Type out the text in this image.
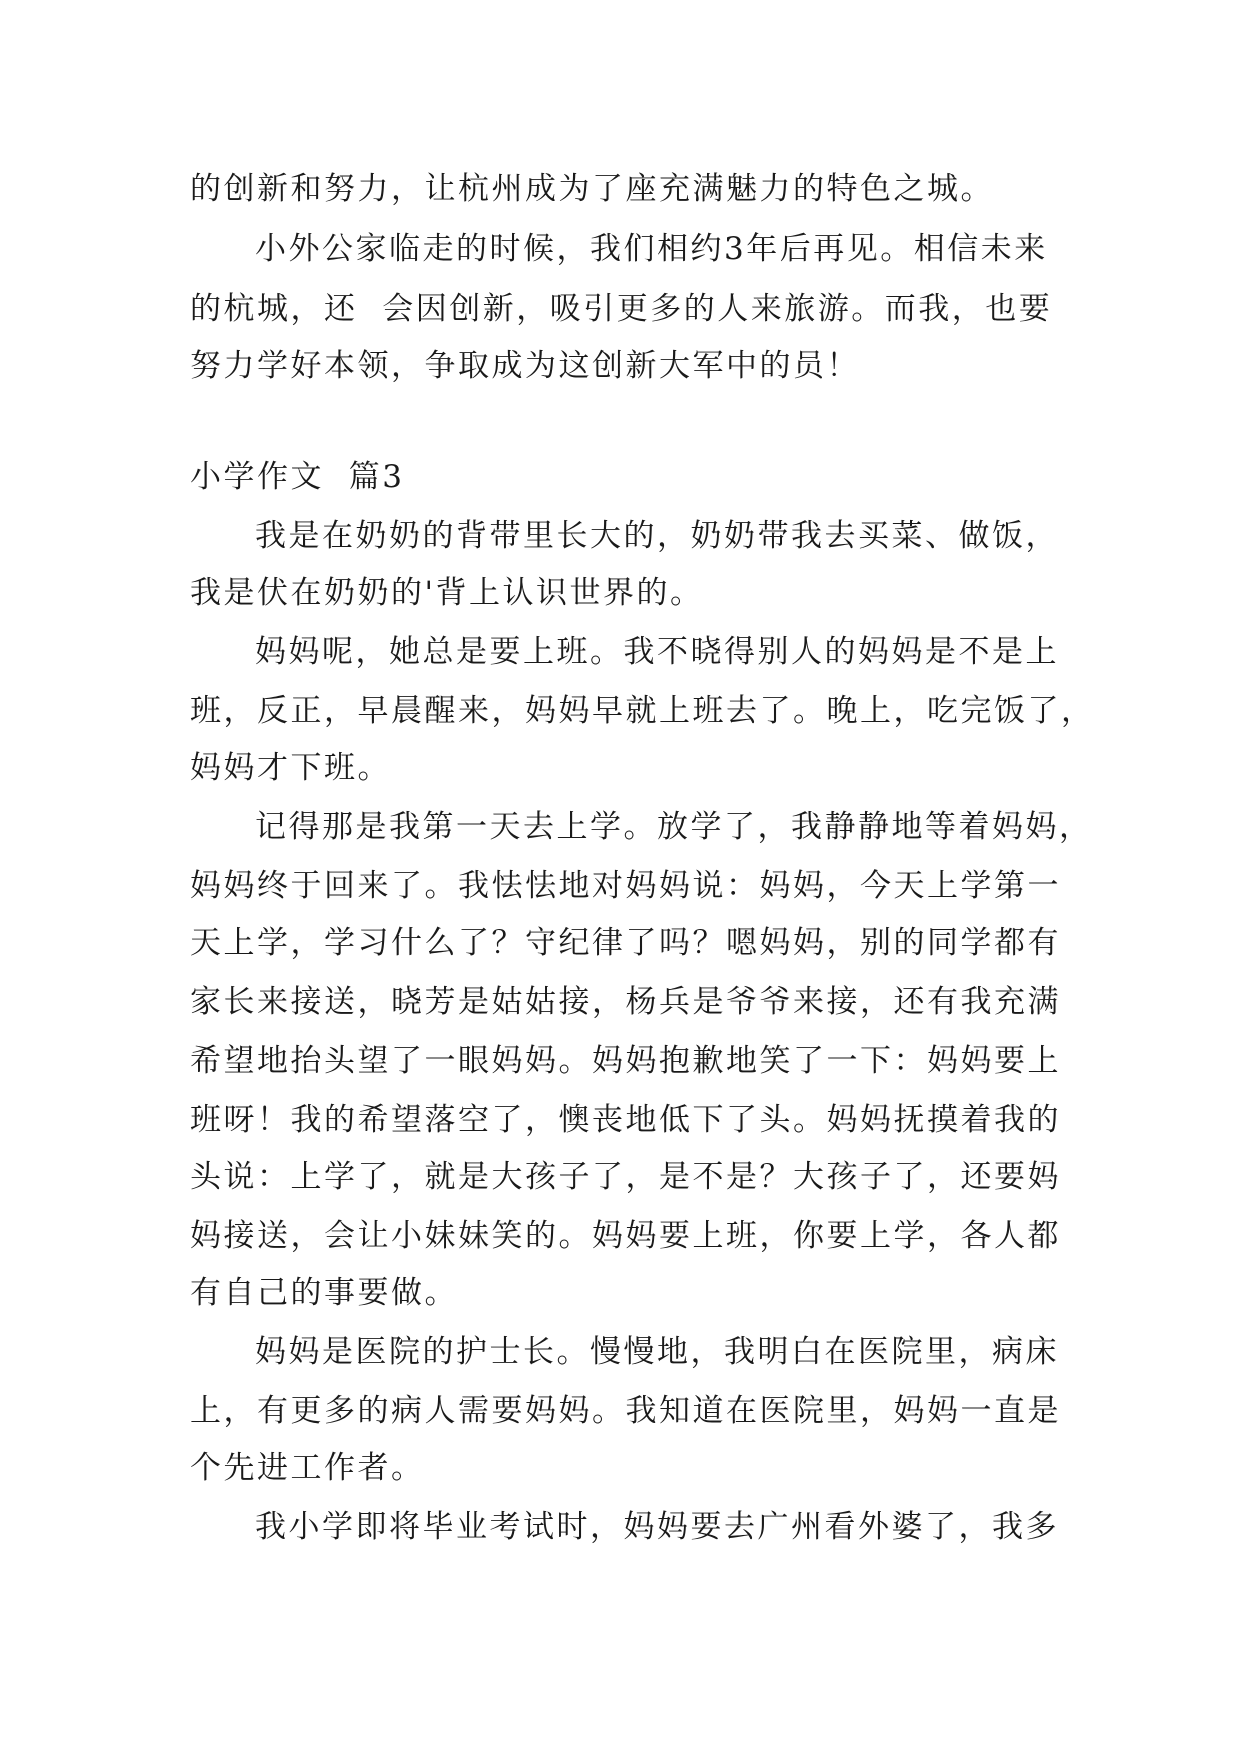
的创新和努力，让杭州成为了座充满魅力的特色之城。
小外公家临走的时候，我们相约3年后再见。相信未来
的杭城，还  会因创新，吸引更多的人来旅游。而我，也要
努力学好本领，争取成为这创新大军中的员！
小学作文  篇3
我是在奶奶的背带里长大的，奶奶带我去买菜、做饭，
我是伏在奶奶的'背上认识世界的。
妈妈呢，她总是要上班。我不晓得别人的妈妈是不是上
班，反正，早晨醒来，妈妈早就上班去了。晚上，吃完饭了，
妈妈才下班。
记得那是我第一天去上学。放学了，我静静地等着妈妈，
妈妈终于回来了。我怯怯地对妈妈说：妈妈，今天上学第一
天上学，学习什么了？守纪律了吗？嗯妈妈，别的同学都有
家长来接送，晓芳是姑姑接，杨兵是爷爷来接，还有我充满
希望地抬头望了一眼妈妈。妈妈抱歉地笑了一下：妈妈要上
班呀！我的希望落空了，懊丧地低下了头。妈妈抚摸着我的
头说：上学了，就是大孩子了，是不是？大孩子了，还要妈
妈接送，会让小妹妹笑的。妈妈要上班，你要上学，各人都
有自己的事要做。
妈妈是医院的护士长。慢慢地，我明白在医院里，病床
上，有更多的病人需要妈妈。我知道在医院里，妈妈一直是
个先进工作者。
我小学即将毕业考试时，妈妈要去广州看外婆了，我多
